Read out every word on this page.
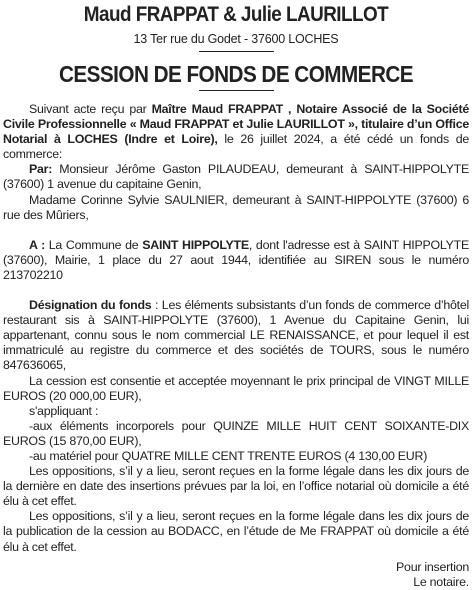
Maud FRAPPAT & Julie LAURILLOT
13 Ter rue du Godet - 37600 LOCHES
CESSION DE FONDS DE COMMERCE

Suivant acte reçu par Maître Maud FRAPPAT , Notaire Associé de la Société Civile Professionnelle « Maud FRAPPAT et Julie LAURILLOT », titulaire d’un Office Notarial à LOCHES (Indre et Loire), le 26 juillet 2024, a été cédé un fonds de commerce:

Par: Monsieur Jérôme Gaston PILAUDEAU, demeurant à SAINT-HIPPOLYTE (37600) 1 avenue du capitaine Genin,

Madame Corinne Sylvie SAULNIER, demeurant à SAINT-HIPPOLYTE (37600) 6 rue des Mûriers,

A : La Commune de SAINT HIPPOLYTE, dont l'adresse est à SAINT HIPPOLYTE (37600), Mairie, 1 place du 27 aout 1944, identifiée au SIREN sous le numéro 213702210

Désignation du fonds : Les éléments subsistants d’un fonds de commerce d’hôtel restaurant sis à SAINT-HIPPOLYTE (37600), 1 Avenue du Capitaine Genin, lui appartenant, connu sous le nom commercial LE RENAISSANCE, et pour lequel il est immatriculé au registre du commerce et des sociétés de TOURS, sous le numéro 847636065,

La cession est consentie et acceptée moyennant le prix principal de VINGT MILLE EUROS (20 000,00 EUR),

s'appliquant :

-aux éléments incorporels pour QUINZE MILLE HUIT CENT SOIXANTE-DIX EUROS (15 870,00 EUR),

-au matériel pour QUATRE MILLE CENT TRENTE EUROS (4 130,00 EUR)

Les oppositions, s’il y a lieu, seront reçues en la forme légale dans les dix jours de la dernière en date des insertions prévues par la loi, en l’office notarial où domicile a été élu à cet effet.

Les oppositions, s’il y a lieu, seront reçues en la forme légale dans les dix jours de la publication de la cession au BODACC, en l’étude de Me FRAPPAT où domicile a été élu à cet effet.

Pour insertion
Le notaire.
